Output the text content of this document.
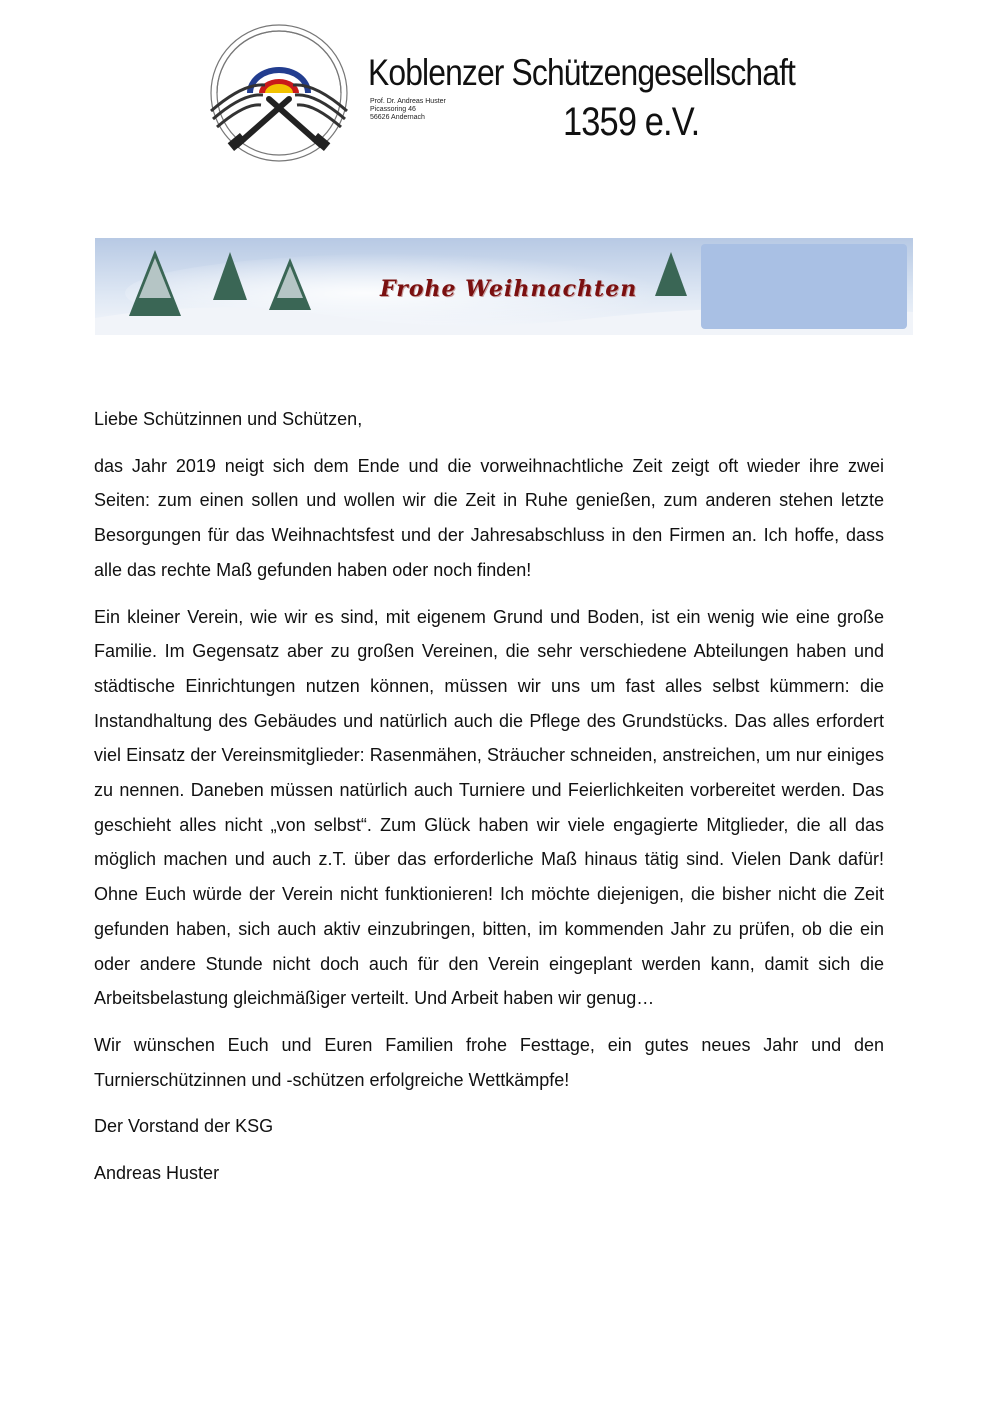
Koblenzer Schützengesellschaft
1359 e.V.
Prof. Dr. Andreas Huster
Picassoring 46
56626 Andernach
Frohe Weihnachten

Liebe Schützinnen und Schützen,

das Jahr 2019 neigt sich dem Ende und die vorweihnachtliche Zeit zeigt oft wieder ihre zwei Seiten: zum einen sollen und wollen wir die Zeit in Ruhe genießen, zum anderen stehen letzte Besorgungen für das Weihnachtsfest und der Jahresabschluss in den Firmen an. Ich hoffe, dass alle das rechte Maß gefunden haben oder noch finden!

Ein kleiner Verein, wie wir es sind, mit eigenem Grund und Boden, ist ein wenig wie eine große Familie. Im Gegensatz aber zu großen Vereinen, die sehr verschiedene Abteilungen haben und städtische Einrichtungen nutzen können, müssen wir uns um fast alles selbst kümmern: die Instandhaltung des Gebäudes und natürlich auch die Pflege des Grundstücks. Das alles erfordert viel Einsatz der Vereinsmitglieder: Rasenmähen, Sträucher schneiden, anstreichen, um nur einiges zu nennen. Daneben müssen natürlich auch Turniere und Feierlichkeiten vorbereitet werden. Das geschieht alles nicht „von selbst“. Zum Glück haben wir viele engagierte Mitglieder, die all das möglich machen und auch z.T. über das erforderliche Maß hinaus tätig sind. Vielen Dank dafür! Ohne Euch würde der Verein nicht funktionieren! Ich möchte diejenigen, die bisher nicht die Zeit gefunden haben, sich auch aktiv einzubringen, bitten, im kommenden Jahr zu prüfen, ob die ein oder andere Stunde nicht doch auch für den Verein eingeplant werden kann, damit sich die Arbeitsbelastung gleichmäßiger verteilt. Und Arbeit haben wir genug…

Wir wünschen Euch und Euren Familien frohe Festtage, ein gutes neues Jahr und den Turnierschützinnen und -schützen erfolgreiche Wettkämpfe!

Der Vorstand der KSG

Andreas Huster
